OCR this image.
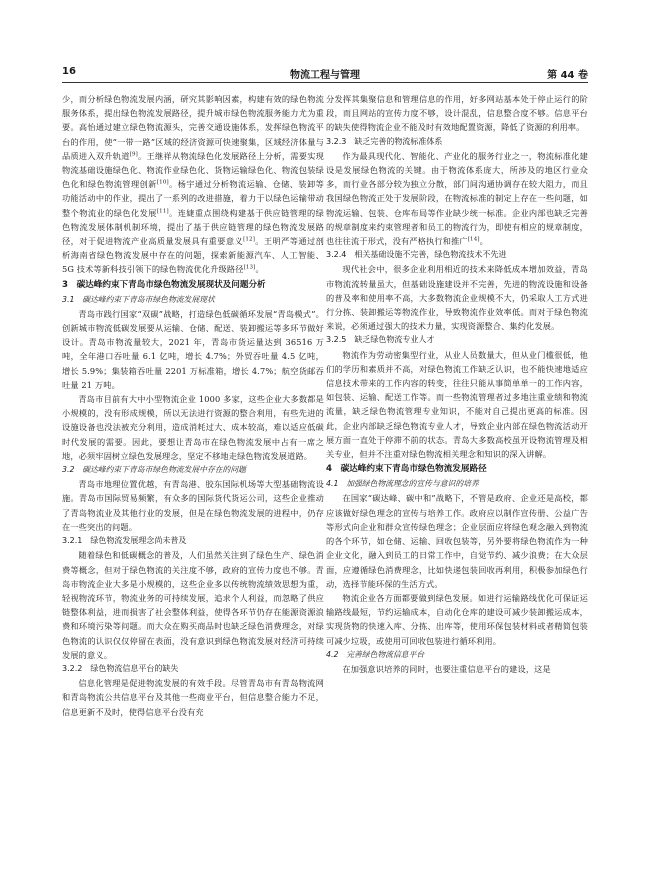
16	物流工程与管理	第 44 卷

少，而分析绿色物流发展内涵，研究其影响因素，构建有效的绿色物流服务体系，提出绿色物流发展路径，提升城市绿色物流服务能力尤为重要。高怡通过建立绿色物流源头，完善交通设施体系，发挥绿色物流平台的作用，使“一带一路”区域的经济资源可快速聚集，区域经济体量与品质进入双升轨道[9]。王继祥从物流绿色化发展路径上分析，需要实现物流基础设施绿色化、物流作业绿色化、货物运输绿色化、物流包装绿色化和绿色物流管理创新[10]。杨宇通过分析物流运输、仓储、装卸等功能活动中的作业，提出了一系列的改进措施，着力于以绿色运输带动整个物流业的绿色化发展[11]。连婕重点围绕构建基于供应链管理的绿色物流发展体制机制环境，提出了基于供应链管理的绿色物流发展路径，对于促进物流产业高质量发展具有重要意义[12]。王明严等通过剖析海南省绿色物流发展中存在的问题，探索新能源汽车、人工智能、5G 技术等新科技引领下的绿色物流优化升级路径[13]。

3　碳达峰约束下青岛市绿色物流发展现状及问题分析
3.1　碳达峰约束下青岛市绿色物流发展现状

青岛市践行国家“双碳”战略，打造绿色低碳循环发展“青岛模式”。创新城市物流低碳发展要从运输、仓储、配送、装卸搬运等多环节做好设计。青岛市物流量较大，2021 年，青岛市货运量达到 36516 万吨，全年港口吞吐量 6.1 亿吨，增长 4.7%；外贸吞吐量 4.5 亿吨，增长 5.9%；集装箱吞吐量 2201 万标准箱，增长 4.7%；航空货邮吞吐量 21 万吨。

青岛市目前有大中小型物流企业 1000 多家，这些企业大多数都是小规模的，没有形成规模，所以无法进行资源的整合利用，有些先进的设施设备也没法被充分利用，造成消耗过大、成本较高，难以适应低碳时代发展的需要。因此，要想让青岛市在绿色物流发展中占有一席之地，必须牢固树立绿色发展理念，坚定不移地走绿色物流发展道路。

3.2　碳达峰约束下青岛市绿色物流发展中存在的问题

青岛市地理位置优越，有青岛港、胶东国际机场等大型基础物流设施。青岛市国际贸易频繁，有众多的国际货代货运公司，这些企业推动了青岛物流业及其他行业的发展，但是在绿色物流发展的进程中，仍存在一些突出的问题。

3.2.1　绿色物流发展理念尚未普及

随着绿色和低碳概念的普及，人们虽然关注到了绿色生产、绿色消费等概念，但对于绿色物流的关注度不够，政府的宣传力度也不够。青岛市物流企业大多是小规模的，这些企业多以传统物流绩效思想为重，轻视物流环节，物流业务的可持续发展，追求个人利益，而忽略了供应链整体利益，进而损害了社会整体利益，使得各环节仍存在能源资源浪费和环境污染等问题。而大众在购买商品时也缺乏绿色消费理念，对绿色物流的认识仅仅停留在表面，没有意识到绿色物流发展对经济可持续发展的意义。

3.2.2　绿色物流信息平台的缺失

信息化管理是促进物流发展的有效手段。尽管青岛市有青岛物流网和青岛物流公共信息平台及其他一些商业平台，但信息整合能力不足，信息更新不及时，使得信息平台没有充

分发挥其集聚信息和管理信息的作用，好多网站基本处于停止运行的阶段，而且网站的宣传力度不够，设计混乱，信息整合度不够。信息平台的缺失使得物流企业不能及时有效地配置资源，降低了资源的利用率。

3.2.3　缺乏完善的物流标准体系

作为最具现代化、智能化、产业化的服务行业之一，物流标准化建设是发展绿色物流的关键。由于物流体系庞大，所涉及的地区行业众多，而行业各部分较为独立分散，部门间沟通协调存在较大阻力，而且我国绿色物流正处于发展阶段，在物流标准的制定上存在一些问题，如物流运输、包装、仓库布局等作业缺少统一标准。企业内部也缺乏完善的规章制度来约束管理者和员工的物流行为，即使有相应的规章制度，也往往流于形式，没有严格执行和推广[14]。

3.2.4　相关基础设施不完善，绿色物流技术不先进

现代社会中，很多企业利用相近的技术来降低成本增加效益，青岛市物流流转量虽大，但基础设施建设并不完善，先进的物流设施和设备的普及率和使用率不高，大多数物流企业规模不大，仍采取人工方式进行分拣、装卸搬运等物流作业，导致物流作业效率低。而对于绿色物流来说，必须通过强大的技术力量，实现资源整合、集约化发展。

3.2.5　缺乏绿色物流专业人才

物流作为劳动密集型行业，从业人员数量大，但从业门槛很低，他们的学历和素质并不高，对绿色物流工作缺乏认识，也不能快速地适应信息技术带来的工作内容的转变，往往只能从事简单单一的工作内容，如包装、运输、配送工作等。而一些物流管理者过多地注重业绩和物流流量，缺乏绿色物流管理专业知识，不能对自己提出更高的标准。因此，企业内部缺乏绿色物流专业人才，导致企业内部在绿色物流活动开展方面一直处于停滞不前的状态。青岛大多数高校虽开设物流管理及相关专业，但并不注重对绿色物流相关理念和知识的深入讲解。

4　碳达峰约束下青岛市绿色物流发展路径
4.1　加强绿色物流理念的宣传与意识的培养

在国家“碳达峰、碳中和”战略下，不管是政府、企业还是高校，都应该做好绿色理念的宣传与培养工作。政府应以制作宣传册、公益广告等形式向企业和群众宣传绿色理念；企业层面应将绿色观念融入到物流的各个环节，如仓储、运输、回收包装等，另外要将绿色物流作为一种企业文化，融入到员工的日常工作中，自觉节约、减少浪费；在大众层面，应遵循绿色消费理念，比如快递包装回收再利用，积极参加绿色行动，选择节能环保的生活方式。

物流企业各方面都要做到绿色发展。如进行运输路线优化可保证运输路线最短，节约运输成本，自动化仓库的建设可减少装卸搬运成本，实现货物的快速入库、分拣、出库等，使用环保包装材料或者精简包装可减少垃圾，或使用可回收包装进行循环利用。

4.2　完善绿色物流信息平台

在加强意识培养的同时，也要注重信息平台的建设，这是
